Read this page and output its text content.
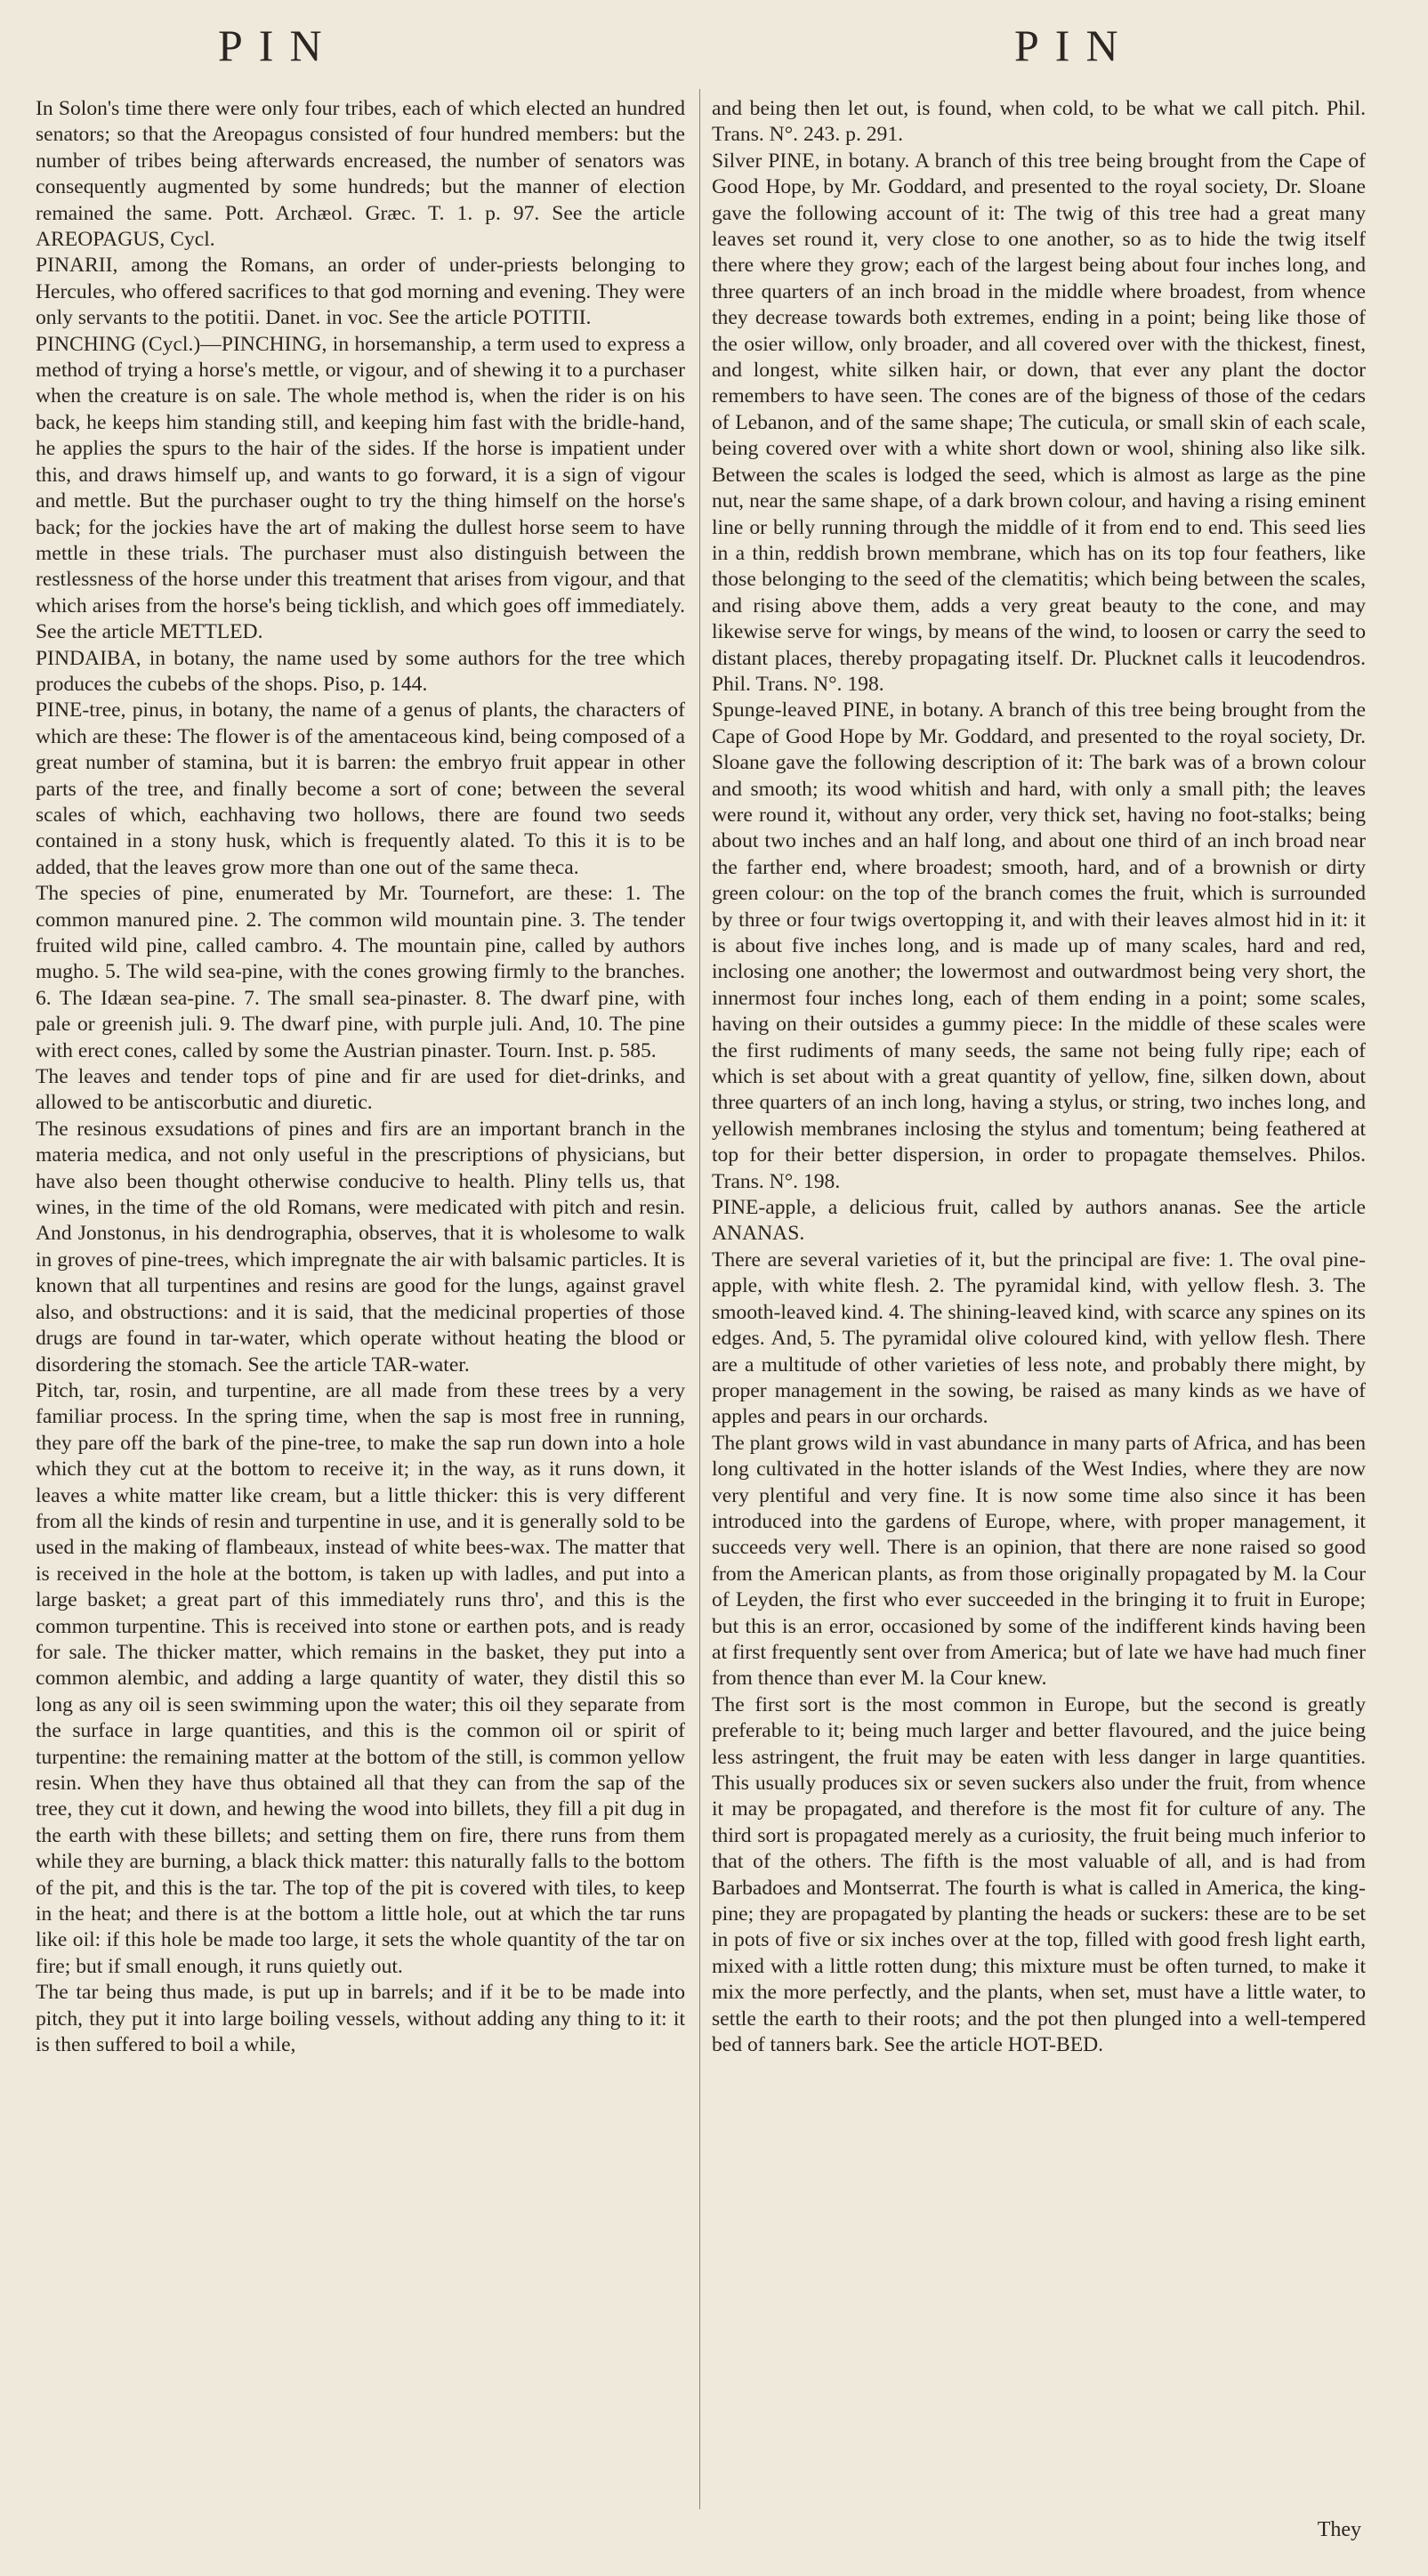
PIN	PIN

In Solon's time there were only four tribes, each of which elected an hundred senators; so that the Areopagus consisted of four hundred members: but the number of tribes being afterwards encreased, the number of senators was consequently augmented by some hundreds; but the manner of election remained the same. Pott. Archæol. Græc. T. 1. p. 97. See the article AREOPAGUS, Cycl.

PINARII, among the Romans, an order of under-priests belonging to Hercules, who offered sacrifices to that god morning and evening. They were only servants to the potitii. Danet. in voc. See the article POTITII.

PINCHING (Cycl.)—PINCHING, in horsemanship, a term used to express a method of trying a horse's mettle, or vigour, and of shewing it to a purchaser when the creature is on sale. The whole method is, when the rider is on his back, he keeps him standing still, and keeping him fast with the bridle-hand, he applies the spurs to the hair of the sides. If the horse is impatient under this, and draws himself up, and wants to go forward, it is a sign of vigour and mettle. But the purchaser ought to try the thing himself on the horse's back; for the jockies have the art of making the dullest horse seem to have mettle in these trials. The purchaser must also distinguish between the restlessness of the horse under this treatment that arises from vigour, and that which arises from the horse's being ticklish, and which goes off immediately. See the article METTLED.

PINDAIBA, in botany, the name used by some authors for the tree which produces the cubebs of the shops. Piso, p. 144.

PINE-tree, pinus, in botany, the name of a genus of plants, the characters of which are these: The flower is of the amentaceous kind, being composed of a great number of stamina, but it is barren: the embryo fruit appear in other parts of the tree, and finally become a sort of cone; between the several scales of which, eachhaving two hollows, there are found two seeds contained in a stony husk, which is frequently alated. To this it is to be added, that the leaves grow more than one out of the same theca.

The species of pine, enumerated by Mr. Tournefort, are these: 1. The common manured pine. 2. The common wild mountain pine. 3. The tender fruited wild pine, called cambro. 4. The mountain pine, called by authors mugho. 5. The wild sea-pine, with the cones growing firmly to the branches. 6. The Idæan sea-pine. 7. The small sea-pinaster. 8. The dwarf pine, with pale or greenish juli. 9. The dwarf pine, with purple juli. And, 10. The pine with erect cones, called by some the Austrian pinaster. Tourn. Inst. p. 585.

The leaves and tender tops of pine and fir are used for diet-drinks, and allowed to be antiscorbutic and diuretic.

The resinous exsudations of pines and firs are an important branch in the materia medica, and not only useful in the prescriptions of physicians, but have also been thought otherwise conducive to health. Pliny tells us, that wines, in the time of the old Romans, were medicated with pitch and resin. And Jonstonus, in his dendrographia, observes, that it is wholesome to walk in groves of pine-trees, which impregnate the air with balsamic particles. It is known that all turpentines and resins are good for the lungs, against gravel also, and obstructions: and it is said, that the medicinal properties of those drugs are found in tar-water, which operate without heating the blood or disordering the stomach. See the article TAR-water.

Pitch, tar, rosin, and turpentine, are all made from these trees by a very familiar process. In the spring time, when the sap is most free in running, they pare off the bark of the pine-tree, to make the sap run down into a hole which they cut at the bottom to receive it; in the way, as it runs down, it leaves a white matter like cream, but a little thicker: this is very different from all the kinds of resin and turpentine in use, and it is generally sold to be used in the making of flambeaux, instead of white bees-wax. The matter that is received in the hole at the bottom, is taken up with ladles, and put into a large basket; a great part of this immediately runs thro', and this is the common turpentine. This is received into stone or earthen pots, and is ready for sale. The thicker matter, which remains in the basket, they put into a common alembic, and adding a large quantity of water, they distil this so long as any oil is seen swimming upon the water; this oil they separate from the surface in large quantities, and this is the common oil or spirit of turpentine: the remaining matter at the bottom of the still, is common yellow resin. When they have thus obtained all that they can from the sap of the tree, they cut it down, and hewing the wood into billets, they fill a pit dug in the earth with these billets; and setting them on fire, there runs from them while they are burning, a black thick matter: this naturally falls to the bottom of the pit, and this is the tar. The top of the pit is covered with tiles, to keep in the heat; and there is at the bottom a little hole, out at which the tar runs like oil: if this hole be made too large, it sets the whole quantity of the tar on fire; but if small enough, it runs quietly out.

The tar being thus made, is put up in barrels; and if it be to be made into pitch, they put it into large boiling vessels, without adding any thing to it: it is then suffered to boil a while,

and being then let out, is found, when cold, to be what we call pitch. Phil. Trans. N°. 243. p. 291.

Silver PINE, in botany. A branch of this tree being brought from the Cape of Good Hope, by Mr. Goddard, and presented to the royal society, Dr. Sloane gave the following account of it: The twig of this tree had a great many leaves set round it, very close to one another, so as to hide the twig itself there where they grow; each of the largest being about four inches long, and three quarters of an inch broad in the middle where broadest, from whence they decrease towards both extremes, ending in a point; being like those of the osier willow, only broader, and all covered over with the thickest, finest, and longest, white silken hair, or down, that ever any plant the doctor remembers to have seen. The cones are of the bigness of those of the cedars of Lebanon, and of the same shape; The cuticula, or small skin of each scale, being covered over with a white short down or wool, shining also like silk. Between the scales is lodged the seed, which is almost as large as the pine nut, near the same shape, of a dark brown colour, and having a rising eminent line or belly running through the middle of it from end to end. This seed lies in a thin, reddish brown membrane, which has on its top four feathers, like those belonging to the seed of the clematitis; which being between the scales, and rising above them, adds a very great beauty to the cone, and may likewise serve for wings, by means of the wind, to loosen or carry the seed to distant places, thereby propagating itself. Dr. Plucknet calls it leucodendros. Phil. Trans. N°. 198.

Spunge-leaved PINE, in botany. A branch of this tree being brought from the Cape of Good Hope by Mr. Goddard, and presented to the royal society, Dr. Sloane gave the following description of it: The bark was of a brown colour and smooth; its wood whitish and hard, with only a small pith; the leaves were round it, without any order, very thick set, having no foot-stalks; being about two inches and an half long, and about one third of an inch broad near the farther end, where broadest; smooth, hard, and of a brownish or dirty green colour: on the top of the branch comes the fruit, which is surrounded by three or four twigs overtopping it, and with their leaves almost hid in it: it is about five inches long, and is made up of many scales, hard and red, inclosing one another; the lowermost and outwardmost being very short, the innermost four inches long, each of them ending in a point; some scales, having on their outsides a gummy piece: In the middle of these scales were the first rudiments of many seeds, the same not being fully ripe; each of which is set about with a great quantity of yellow, fine, silken down, about three quarters of an inch long, having a stylus, or string, two inches long, and yellowish membranes inclosing the stylus and tomentum; being feathered at top for their better dispersion, in order to propagate themselves. Philos. Trans. N°. 198.

PINE-apple, a delicious fruit, called by authors ananas. See the article ANANAS.

There are several varieties of it, but the principal are five: 1. The oval pine-apple, with white flesh. 2. The pyramidal kind, with yellow flesh. 3. The smooth-leaved kind. 4. The shining-leaved kind, with scarce any spines on its edges. And, 5. The pyramidal olive coloured kind, with yellow flesh. There are a multitude of other varieties of less note, and probably there might, by proper management in the sowing, be raised as many kinds as we have of apples and pears in our orchards.

The plant grows wild in vast abundance in many parts of Africa, and has been long cultivated in the hotter islands of the West Indies, where they are now very plentiful and very fine. It is now some time also since it has been introduced into the gardens of Europe, where, with proper management, it succeeds very well. There is an opinion, that there are none raised so good from the American plants, as from those originally propagated by M. la Cour of Leyden, the first who ever succeeded in the bringing it to fruit in Europe; but this is an error, occasioned by some of the indifferent kinds having been at first frequently sent over from America; but of late we have had much finer from thence than ever M. la Cour knew.

The first sort is the most common in Europe, but the second is greatly preferable to it; being much larger and better flavoured, and the juice being less astringent, the fruit may be eaten with less danger in large quantities. This usually produces six or seven suckers also under the fruit, from whence it may be propagated, and therefore is the most fit for culture of any. The third sort is propagated merely as a curiosity, the fruit being much inferior to that of the others. The fifth is the most valuable of all, and is had from Barbadoes and Montserrat. The fourth is what is called in America, the king-pine; they are propagated by planting the heads or suckers: these are to be set in pots of five or six inches over at the top, filled with good fresh light earth, mixed with a little rotten dung; this mixture must be often turned, to make it mix the more perfectly, and the plants, when set, must have a little water, to settle the earth to their roots; and the pot then plunged into a well-tempered bed of tanners bark. See the article HOT-BED.

They
